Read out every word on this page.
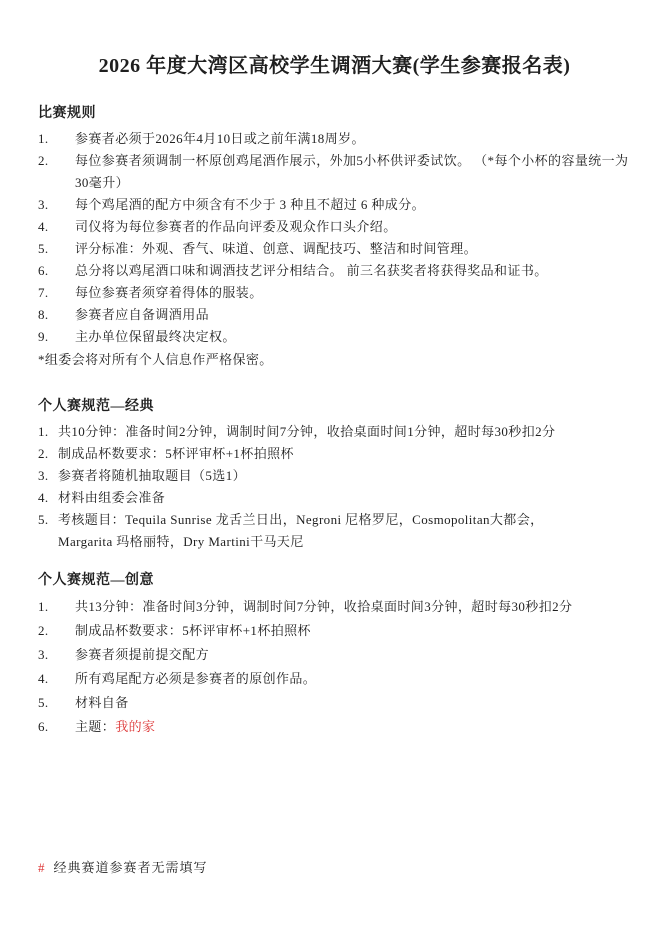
2026 年度大湾区高校学生调酒大赛(学生参赛报名表)
比赛规则
1.	参赛者必须于2026年4月10日或之前年满18周岁。
2.	每位参赛者须调制一杯原创鸡尾酒作展示，外加5小杯供评委试饮。 （*每个小杯的容量统一为30毫升）
3.	每个鸡尾酒的配方中须含有不少于 3 种且不超过 6 种成分。
4.	司仪将为每位参赛者的作品向评委及观众作口头介绍。
5.	评分标准：外观、香气、味道、创意、调配技巧、整洁和时间管理。
6.	总分将以鸡尾酒口味和调酒技艺评分相结合。 前三名获奖者将获得奖品和证书。
7.	每位参赛者须穿着得体的服装。
8.	参赛者应自备调酒用品
9.	主办单位保留最终决定权。

*组委会将对所有个人信息作严格保密。

个人赛规范—经典
1. 共10分钟：准备时间2分钟，调制时间7分钟，收拾桌面时间1分钟，超时每30秒扣2分
2. 制成品杯数要求：5杯评审杯+1杯拍照杯
3. 参赛者将随机抽取题目（5选1）
4. 材料由组委会准备
5. 考核题目：Tequila Sunrise 龙舌兰日出，Negroni 尼格罗尼，Cosmopolitan大都会，Margarita 玛格丽特，Dry Martini干马天尼
个人赛规范—创意
1.	共13分钟：准备时间3分钟，调制时间7分钟，收拾桌面时间3分钟，超时每30秒扣2分
2.	制成品杯数要求：5杯评审杯+1杯拍照杯
3.	参赛者须提前提交配方
4.	所有鸡尾配方必须是参赛者的原创作品。
5.	材料自备
6.	主题：我的家

# 经典赛道参赛者无需填写
